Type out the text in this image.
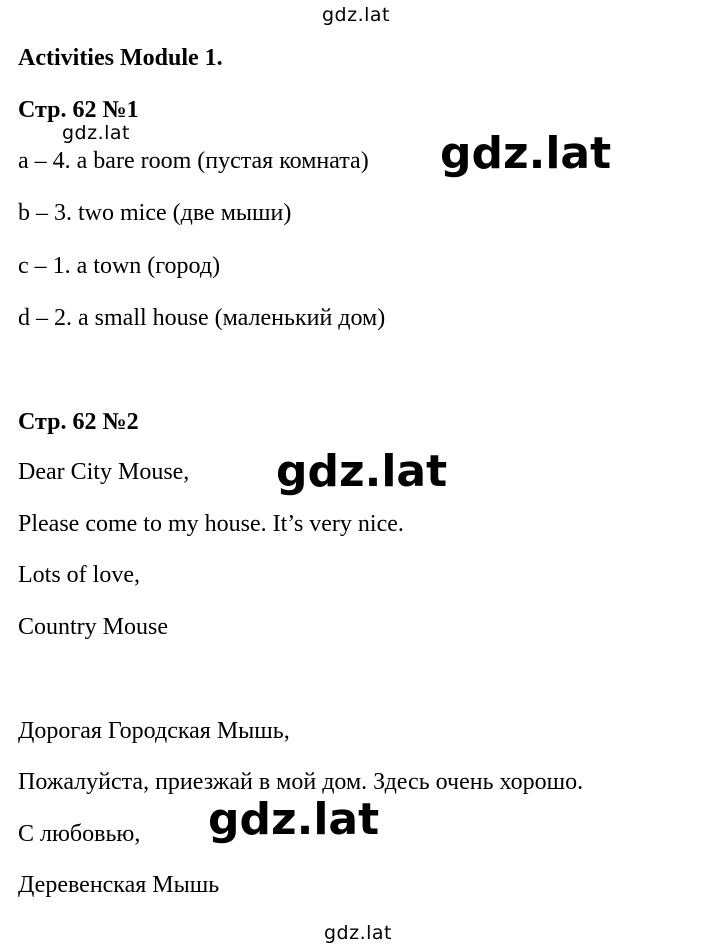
gdz.lat
gdz.lat	gdz.lat
gdz.lat
gdz.lat
gdz.lat
Activities Module 1.
Стр. 62 №1
a – 4. a bare room (пустая комната)
b – 3. two mice (две мыши)
c – 1. a town (город)
d – 2. a small house (маленький дом)
Стр. 62 №2
Dear City Mouse,
Please come to my house. It’s very nice.
Lots of love,
Country Mouse
Дорогая Городская Мышь,
Пожалуйста, приезжай в мой дом. Здесь очень хорошо.
С любовью,
Деревенская Мышь
